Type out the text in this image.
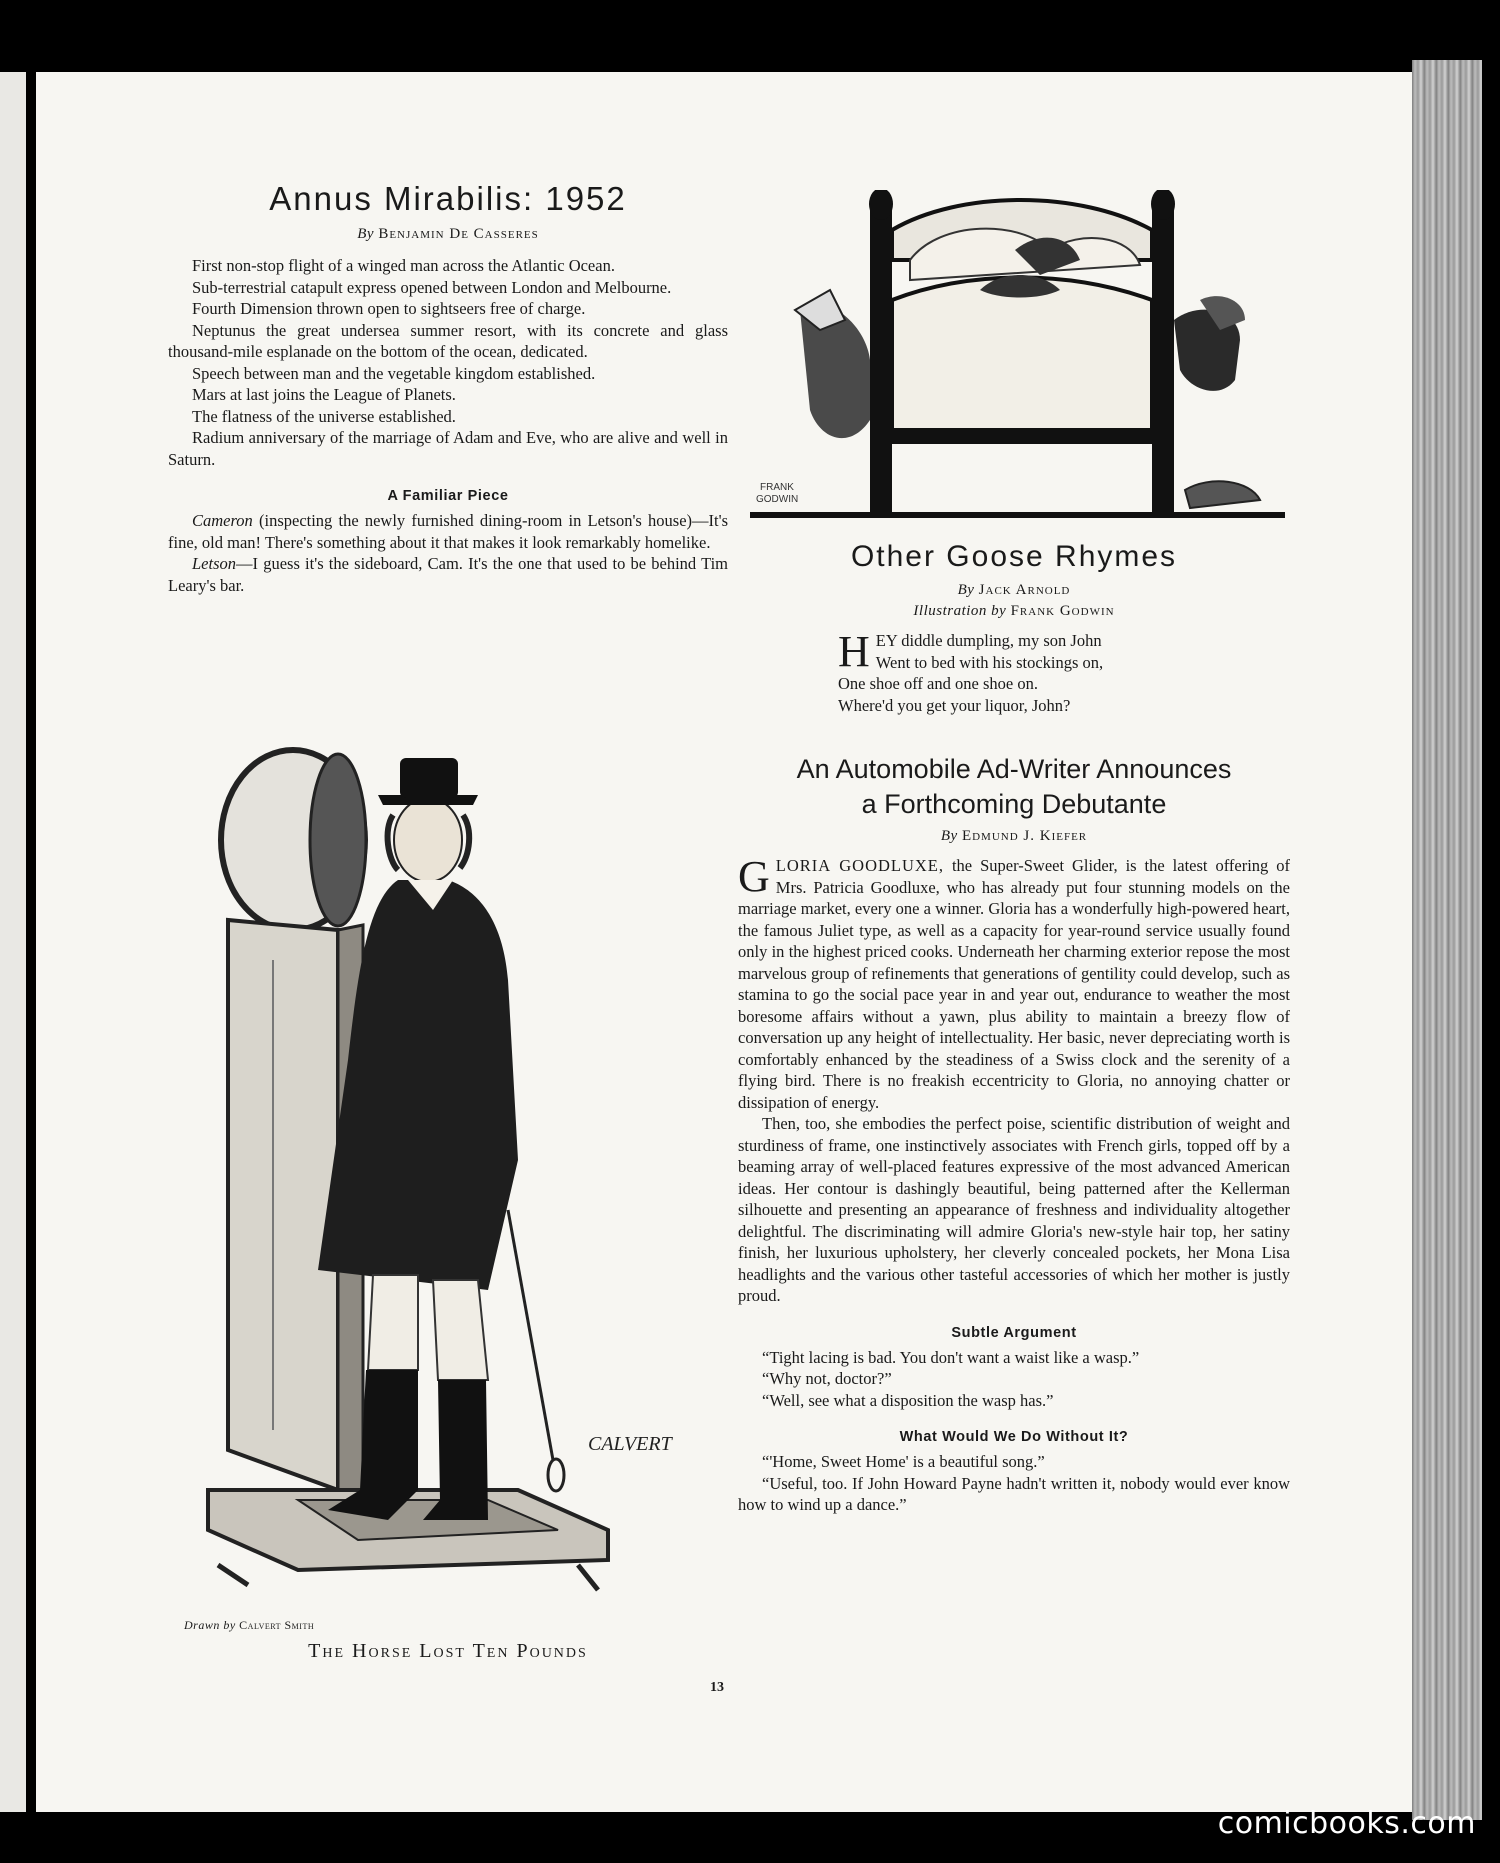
Annus Mirabilis: 1952
By Benjamin De Casseres

First non-stop flight of a winged man across the Atlantic Ocean.

Sub-terrestrial catapult express opened between London and Melbourne.

Fourth Dimension thrown open to sightseers free of charge.

Neptunus the great undersea summer resort, with its concrete and glass thousand-mile esplanade on the bottom of the ocean, dedicated.

Speech between man and the vegetable kingdom established.

Mars at last joins the League of Planets.

The flatness of the universe established.

Radium anniversary of the marriage of Adam and Eve, who are alive and well in Saturn.

A Familiar Piece

Cameron (inspecting the newly furnished dining-room in Letson's house)—It's fine, old man! There's something about it that makes it look remarkably homelike.

Letson—I guess it's the sideboard, Cam. It's the one that used to be behind Tim Leary's bar.

CALVERT
Drawn by Calvert Smith
The Horse Lost Ten Pounds
FRANK
GODWIN
Other Goose Rhymes
By Jack Arnold
Illustration by Frank Godwin
HEY diddle dumpling, my son John
Went to bed with his stockings on,
One shoe off and one shoe on.
Where'd you get your liquor, John?
An Automobile Ad-Writer Announces
a Forthcoming Debutante
By Edmund J. Kiefer

GLORIA GOODLUXE, the Super-Sweet Glider, is the latest offering of Mrs. Patricia Goodluxe, who has already put four stunning models on the marriage market, every one a winner. Gloria has a wonderfully high-powered heart, the famous Juliet type, as well as a capacity for year-round service usually found only in the highest priced cooks. Underneath her charming exterior repose the most marvelous group of refinements that generations of gentility could develop, such as stamina to go the social pace year in and year out, endurance to weather the most boresome affairs without a yawn, plus ability to maintain a breezy flow of conversation up any height of intellectuality. Her basic, never depreciating worth is comfortably enhanced by the steadiness of a Swiss clock and the serenity of a flying bird. There is no freakish eccentricity to Gloria, no annoying chatter or dissipation of energy.

Then, too, she embodies the perfect poise, scientific distribution of weight and sturdiness of frame, one instinctively associates with French girls, topped off by a beaming array of well-placed features expressive of the most advanced American ideas. Her contour is dashingly beautiful, being patterned after the Kellerman silhouette and presenting an appearance of freshness and individuality altogether delightful. The discriminating will admire Gloria's new-style hair top, her satiny finish, her luxurious upholstery, her cleverly concealed pockets, her Mona Lisa headlights and the various other tasteful accessories of which her mother is justly proud.

Subtle Argument

“Tight lacing is bad. You don't want a waist like a wasp.”

“Why not, doctor?”

“Well, see what a disposition the wasp has.”

What Would We Do Without It?

“'Home, Sweet Home' is a beautiful song.”

“Useful, too. If John Howard Payne hadn't written it, nobody would ever know how to wind up a dance.”

13
comicbooks.com
